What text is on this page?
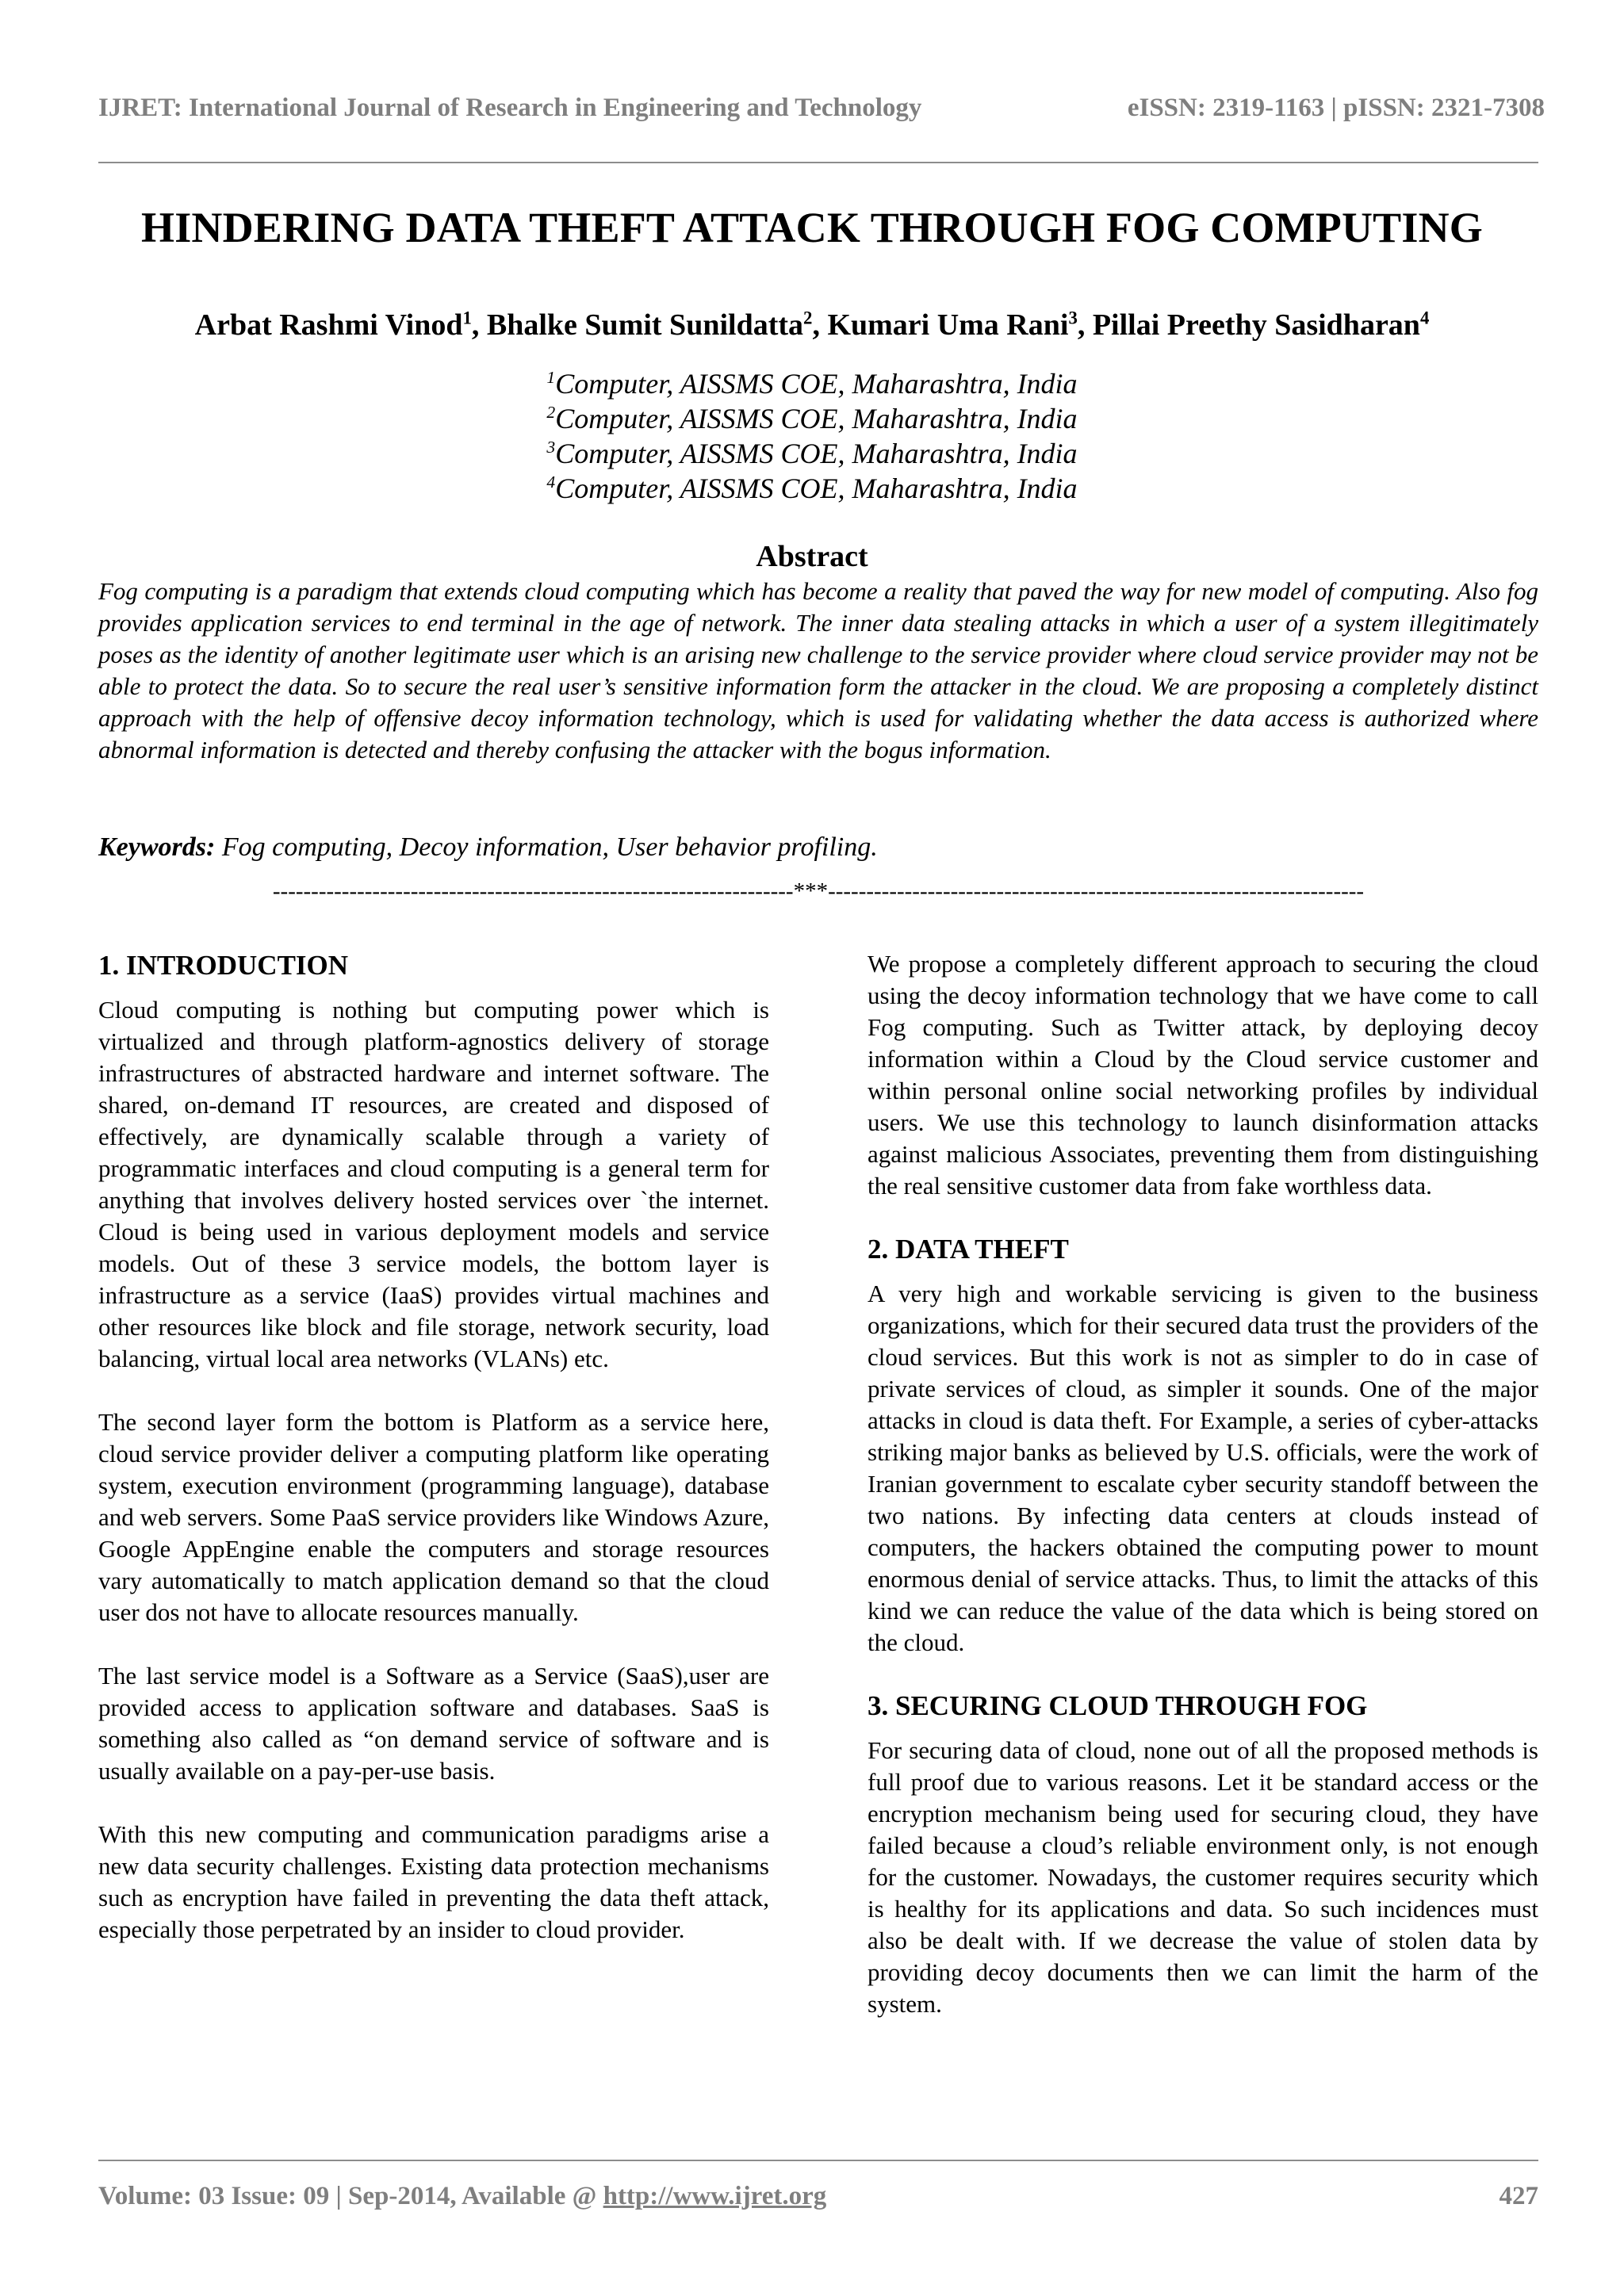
IJRET: International Journal of Research in Engineering and Technology	eISSN: 2319-1163 | pISSN: 2321-7308
HINDERING DATA THEFT ATTACK THROUGH FOG COMPUTING
Arbat Rashmi Vinod$^1$, Bhalke Sumit Sunildatta$^2$, Kumari Uma Rani$^3$, Pillai Preethy Sasidharan$^4$
$^1$Computer, AISSMS COE, Maharashtra, India
$^2$Computer, AISSMS COE, Maharashtra, India
$^3$Computer, AISSMS COE, Maharashtra, India
$^4$Computer, AISSMS COE, Maharashtra, India
Abstract

Fog computing is a paradigm that extends cloud computing which has become a reality that paved the way for new model of computing. Also fog provides application services to end terminal in the age of network. The inner data stealing attacks in which a user of a system illegitimately poses as the identity of another legitimate user which is an arising new challenge to the service provider where cloud service provider may not be able to protect the data. So to secure the real user’s sensitive information form the attacker in the cloud. We are proposing a completely distinct approach with the help of offensive decoy information technology, which is used for validating whether the data access is authorized where abnormal information is detected and thereby confusing the attacker with the bogus information.

Keywords: Fog computing, Decoy information, User behavior profiling.
--------------------------------------------------------------------***----------------------------------------------------------------------
1. INTRODUCTION

Cloud computing is nothing but computing power which is virtualized and through platform-agnostics delivery of storage infrastructures of abstracted hardware and internet software. The shared, on-demand IT resources, are created and disposed of effectively, are dynamically scalable through a variety of programmatic interfaces and cloud computing is a general term for anything that involves delivery hosted services over `the internet. Cloud is being used in various deployment models and service models. Out of these 3 service models, the bottom layer is infrastructure as a service (IaaS) provides virtual machines and other resources like block and file storage, network security, load balancing, virtual local area networks (VLANs) etc.

The second layer form the bottom is Platform as a service here, cloud service provider deliver a computing platform like operating system, execution environment (programming language), database and web servers. Some PaaS service providers like Windows Azure, Google AppEngine enable the computers and storage resources vary automatically to match application demand so that the cloud user dos not have to allocate resources manually.

The last service model is a Software as a Service (SaaS),user are provided access to application software and databases. SaaS is something also called as “on demand service of software and is usually available on a pay-per-use basis.

With this new computing and communication paradigms arise a new data security challenges. Existing data protection mechanisms such as encryption have failed in preventing the data theft attack, especially those perpetrated by an insider to cloud provider.

We propose a completely different approach to securing the cloud using the decoy information technology that we have come to call Fog computing. Such as Twitter attack, by deploying decoy information within a Cloud by the Cloud service customer and within personal online social networking profiles by individual users. We use this technology to launch disinformation attacks against malicious Associates, preventing them from distinguishing the real sensitive customer data from fake worthless data.

2. DATA THEFT

A very high and workable servicing is given to the business organizations, which for their secured data trust the providers of the cloud services. But this work is not as simpler to do in case of private services of cloud, as simpler it sounds. One of the major attacks in cloud is data theft. For Example, a series of cyber-attacks striking major banks as believed by U.S. officials, were the work of Iranian government to escalate cyber security standoff between the two nations. By infecting data centers at clouds instead of computers, the hackers obtained the computing power to mount enormous denial of service attacks. Thus, to limit the attacks of this kind we can reduce the value of the data which is being stored on the cloud.

3. SECURING CLOUD THROUGH FOG

For securing data of cloud, none out of all the proposed methods is full proof due to various reasons. Let it be standard access or the encryption mechanism being used for securing cloud, they have failed because a cloud’s reliable environment only, is not enough for the customer. Nowadays, the customer requires security which is healthy for its applications and data. So such incidences must also be dealt with. If we decrease the value of stolen data by providing decoy documents then we can limit the harm of the system.

Volume: 03 Issue: 09 | Sep-2014, Available @ http://www.ijret.org	427
